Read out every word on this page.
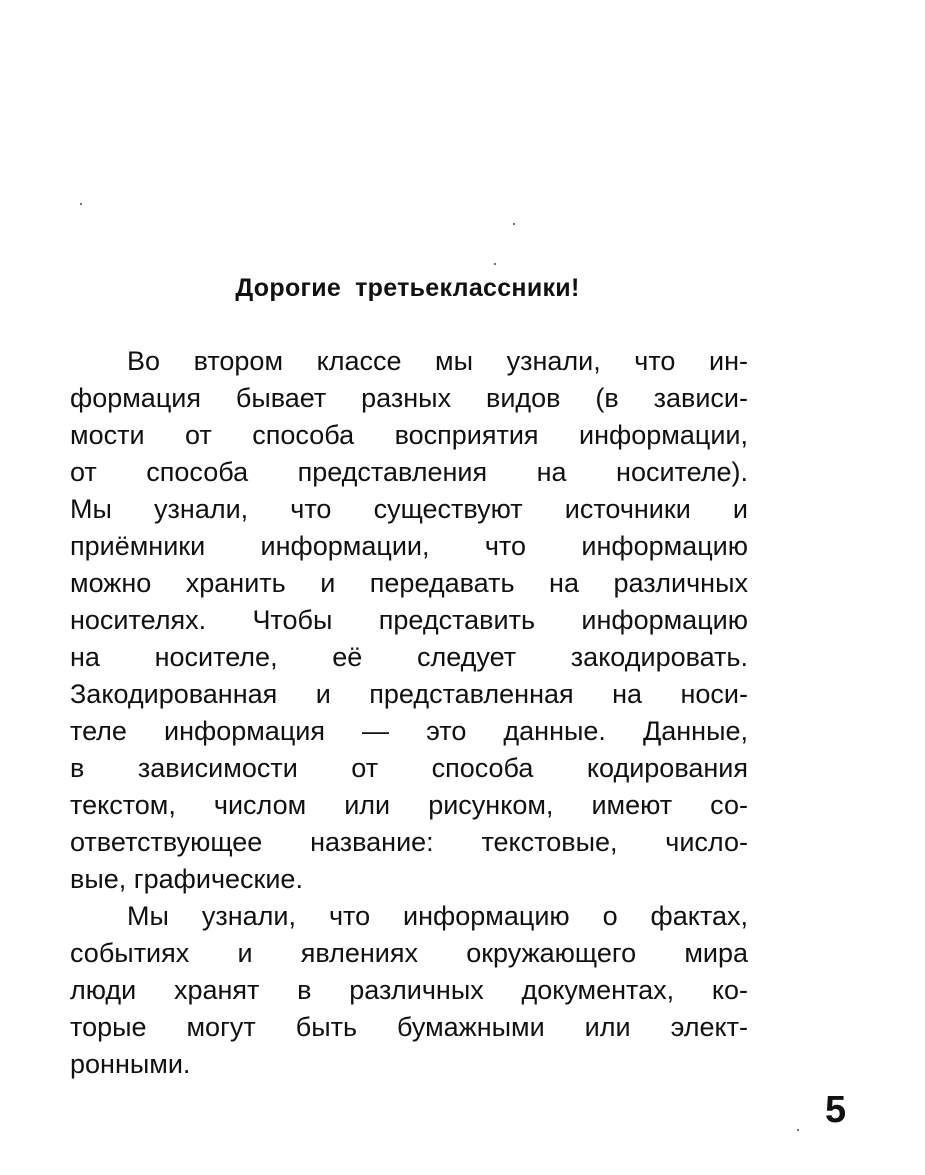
Дорогие третьеклассники!
Во втором классе мы узнали, что ин-
формация бывает разных видов (в зависи-
мости от способа восприятия информации,
от способа представления на носителе).
Мы узнали, что существуют источники и
приёмники информации, что информацию
можно хранить и передавать на различных
носителях. Чтобы представить информацию
на носителе, её следует закодировать.
Закодированная и представленная на носи-
теле информация — это данные. Данные,
в зависимости от способа кодирования
текстом, числом или рисунком, имеют со-
ответствующее название: текстовые, число-
вые, графические.
Мы узнали, что информацию о фактах,
событиях и явлениях окружающего мира
люди хранят в различных документах, ко-
торые могут быть бумажными или элект-
ронными.
5
